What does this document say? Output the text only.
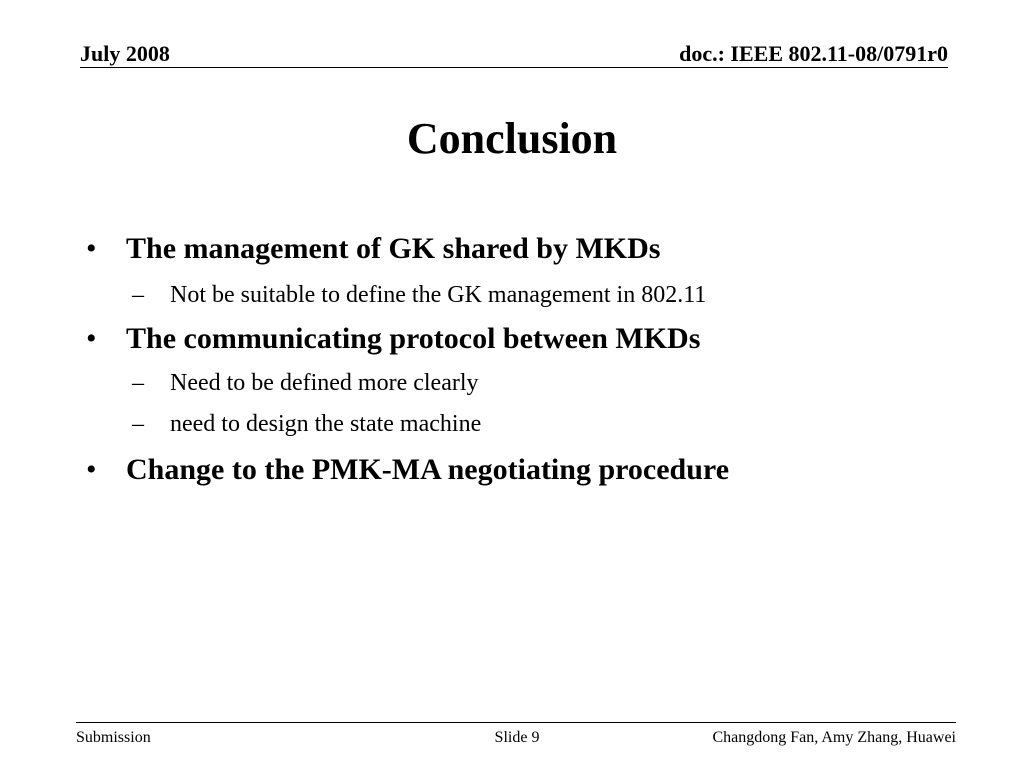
July 2008	doc.: IEEE 802.11-08/0791r0
Conclusion
• The management of GK shared by MKDs
– Not be suitable to define the GK management in 802.11
• The communicating protocol between MKDs
– Need to be defined more clearly
– need to design the state machine
• Change to the PMK-MA negotiating procedure
Submission	Slide 9	Changdong Fan, Amy Zhang, Huawei
